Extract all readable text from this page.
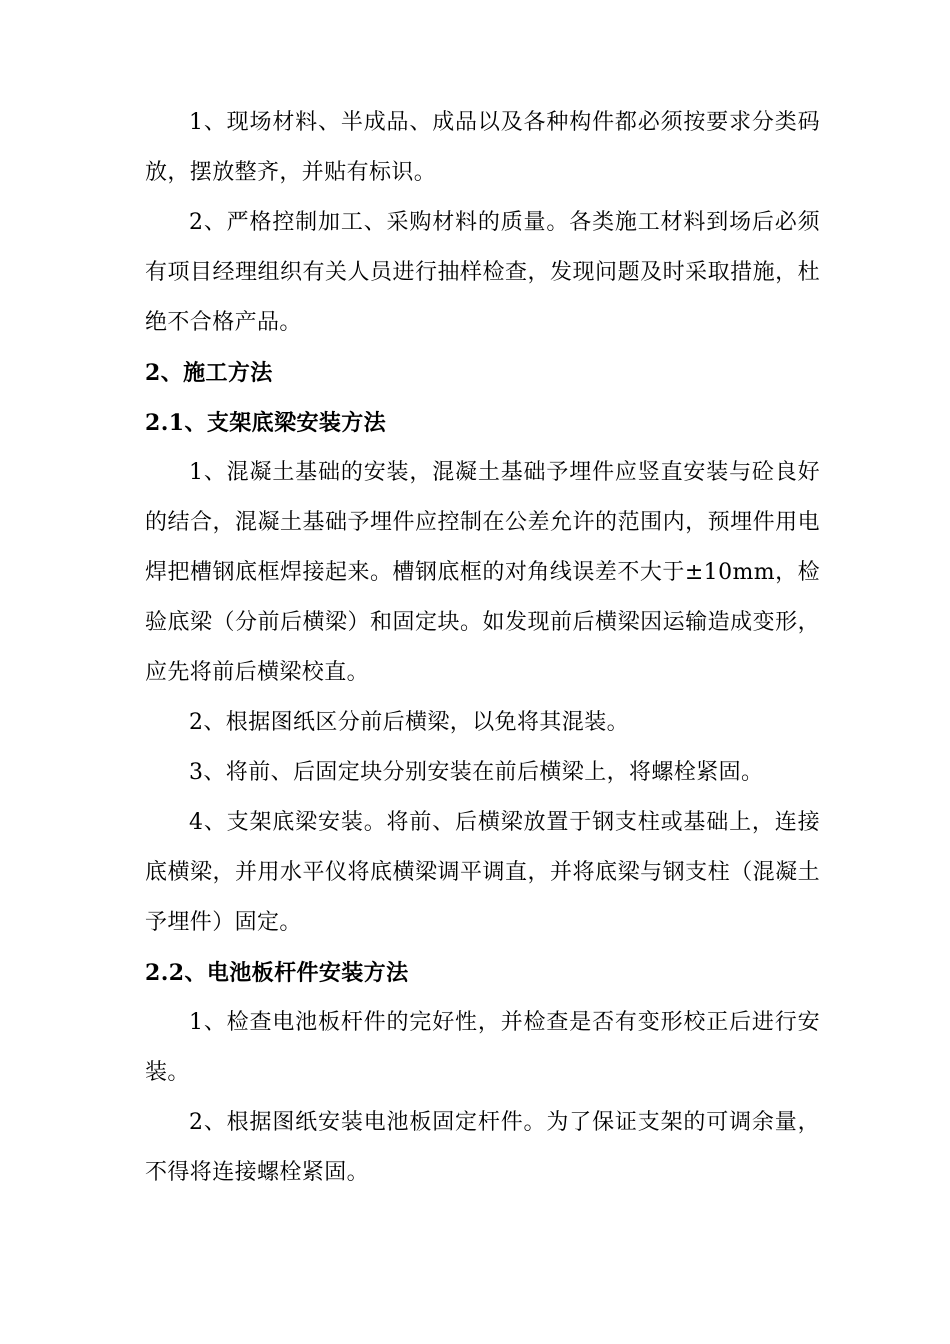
1、现场材料、半成品、成品以及各种构件都必须按要求分类码放，摆放整齐，并贴有标识。

2、严格控制加工、采购材料的质量。各类施工材料到场后必须有项目经理组织有关人员进行抽样检查，发现问题及时采取措施，杜绝不合格产品。

2、施工方法

2.1、支架底梁安装方法

1、混凝土基础的安装，混凝土基础予埋件应竖直安装与砼良好的结合，混凝土基础予埋件应控制在公差允许的范围内，预埋件用电焊把槽钢底框焊接起来。槽钢底框的对角线误差不大于±10mm，检验底梁（分前后横梁）和固定块。如发现前后横梁因运输造成变形，应先将前后横梁校直。

2、根据图纸区分前后横梁，以免将其混装。

3、将前、后固定块分别安装在前后横梁上，将螺栓紧固。

4、支架底梁安装。将前、后横梁放置于钢支柱或基础上，连接底横梁，并用水平仪将底横梁调平调直，并将底梁与钢支柱（混凝土予埋件）固定。

2.2、电池板杆件安装方法

1、检查电池板杆件的完好性，并检查是否有变形校正后进行安装。

2、根据图纸安装电池板固定杆件。为了保证支架的可调余量，不得将连接螺栓紧固。
